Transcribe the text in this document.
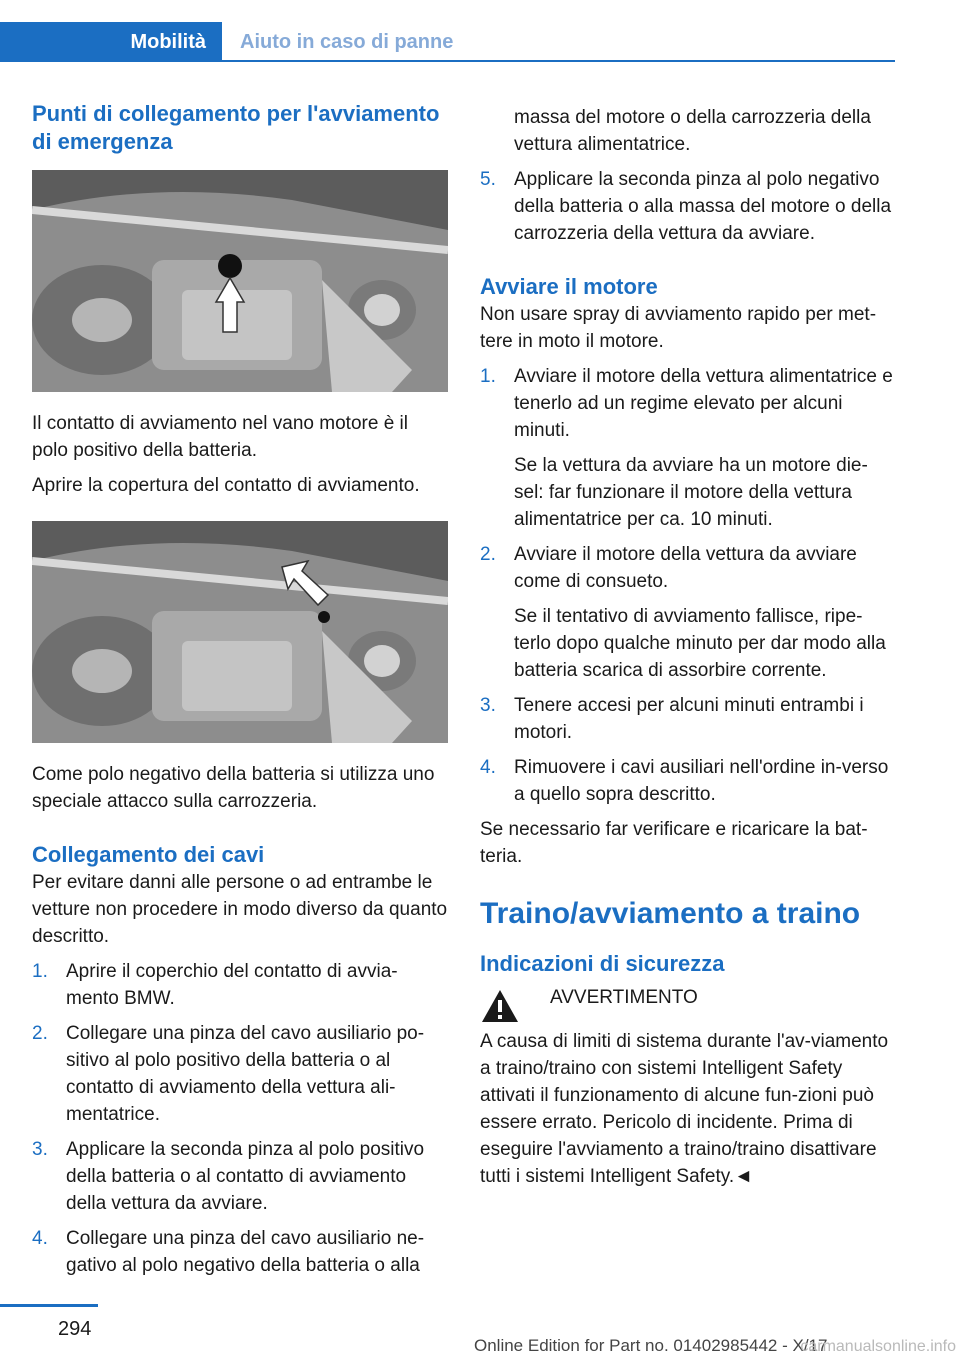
Mobilità	Aiuto in caso di panne
Punti di collegamento per l'avviamento di emergenza

Il contatto di avviamento nel vano motore è il polo positivo della batteria.

Aprire la copertura del contatto di avviamento.

Come polo negativo della batteria si utilizza uno speciale attacco sulla carrozzeria.

Collegamento dei cavi

Per evitare danni alle persone o ad entrambe le vetture non procedere in modo diverso da quanto descritto.

1. Aprire il coperchio del contatto di avvia-mento BMW.

2. Collegare una pinza del cavo ausiliario po-sitivo al polo positivo della batteria o al contatto di avviamento della vettura ali-mentatrice.

3. Applicare la seconda pinza al polo positivo della batteria o al contatto di avviamento della vettura da avviare.

4. Collegare una pinza del cavo ausiliario ne-gativo al polo negativo della batteria o alla

massa del motore o della carrozzeria della vettura alimentatrice.

5. Applicare la seconda pinza al polo negativo della batteria o alla massa del motore o della carrozzeria della vettura da avviare.

Avviare il motore

Non usare spray di avviamento rapido per met-tere in moto il motore.

1. Avviare il motore della vettura alimentatrice e tenerlo ad un regime elevato per alcuni minuti.

Se la vettura da avviare ha un motore die-sel: far funzionare il motore della vettura alimentatrice per ca. 10 minuti.

2. Avviare il motore della vettura da avviare come di consueto.

Se il tentativo di avviamento fallisce, ripe-terlo dopo qualche minuto per dar modo alla batteria scarica di assorbire corrente.

3. Tenere accesi per alcuni minuti entrambi i motori.

4. Rimuovere i cavi ausiliari nell'ordine in-verso a quello sopra descritto.

Se necessario far verificare e ricaricare la bat-teria.

Traino/avviamento a traino
Indicazioni di sicurezza

AVVERTIMENTO

A causa di limiti di sistema durante l'av-viamento a traino/traino con sistemi Intelligent Safety attivati il funzionamento di alcune fun-zioni può essere errato. Pericolo di incidente. Prima di eseguire l'avviamento a traino/traino disattivare tutti i sistemi Intelligent Safety.◄

294
Online Edition for Part no. 01402985442 - X/17
carmanualsonline.info
